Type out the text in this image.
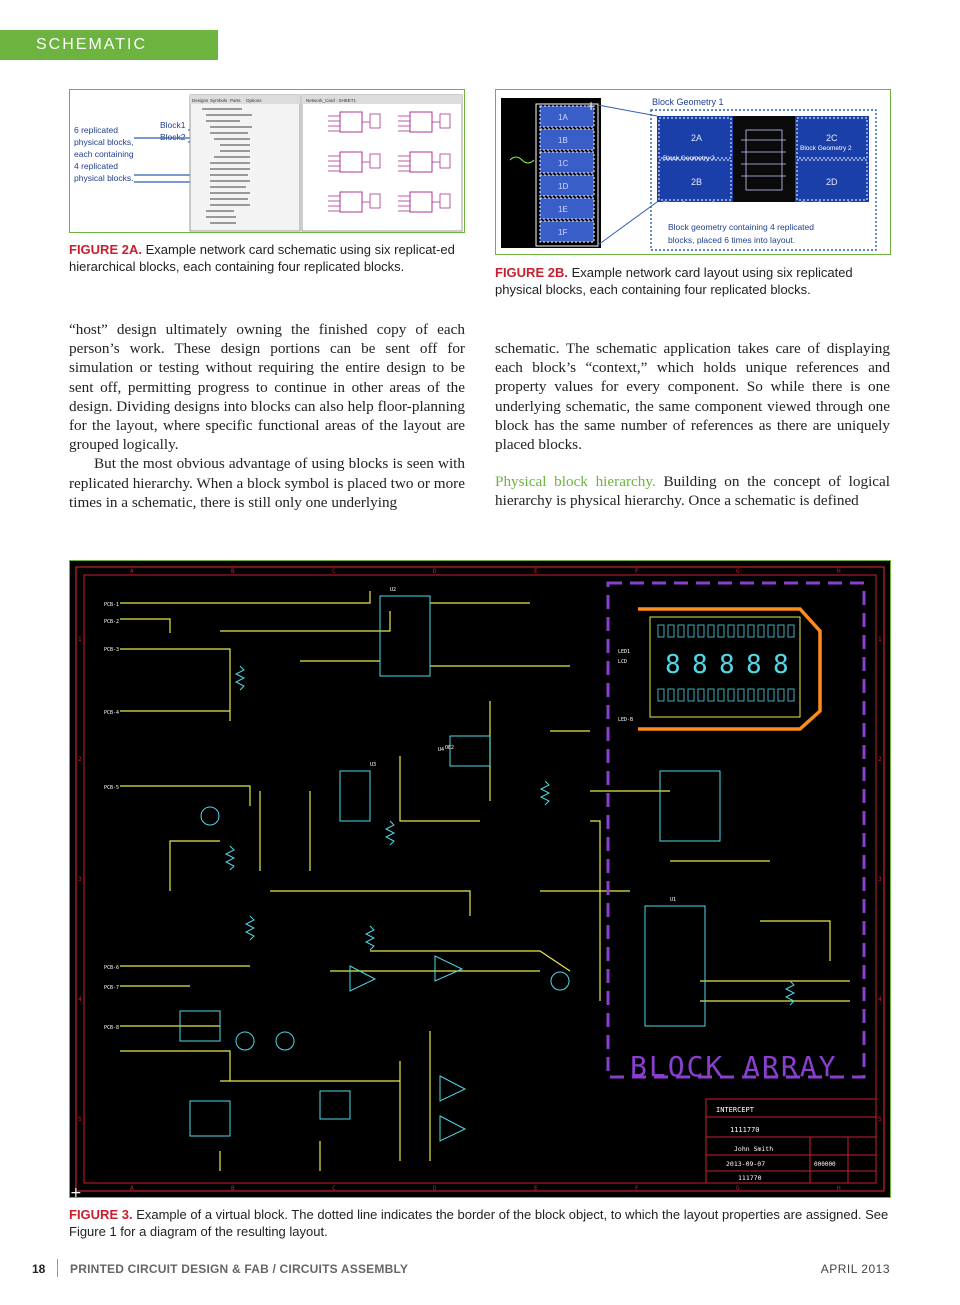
SCHEMATIC DESIGN
6 replicated
physical blocks,
each containing
4 replicated
physical blocks.
Block1
Block2
Designs Symbols Parts Options	Network_Card : SHEET1
FIGURE 2A. Example network card schematic using six replicat-ed hierarchical blocks, each containing four replicated blocks.
1A
1B
1C
1D
1E
1F
+	Block Geometry 1
2A	2C
2B	2D
Block Geometry 2
Block Geometry 2
Block Geometry 2	BlockGeometry 2
Block geometry containing 4 replicated
blocks, placed 6 times into layout.
FIGURE 2B. Example network card layout using six replicated physical blocks, each containing four replicated blocks.

“host” design ultimately owning the finished copy of each person’s work. These design portions can be sent off for simulation or testing without requiring the entire design to be sent off, permitting progress to continue in other areas of the design. Dividing designs into blocks can also help floor-planning for the layout, where specific functional areas of the layout are grouped logically.

But the most obvious advantage of using blocks is seen with replicated hierarchy. When a block symbol is placed two or more times in a schematic, there is still only one underlying

schematic. The schematic application takes care of displaying each block’s “context,” which holds unique references and property values for every component. So while there is one underlying schematic, the same component viewed through one block has the same number of references as there are uniquely placed blocks.

Physical block hierarchy. Building on the concept of logical hierarchy is physical hierarchy. Once a schematic is defined

A
A
B
B
C
C
D
D
E
E
F
F
G
G
H
H
1	1
2	2
3	3
4	4
5	5
8 8 8 8 8
BLOCK ARRAY
INTERCEPT
1111770
John Smith
2013-09-07	000000
111770
PCB-1
PCB-2
PCB-3
PCB-4
PCB-5
PCB-6
PCB-7
PCB-8
LED1
LCD
U1
U2
U3
U4 OE2
LED-B
+
FIGURE 3. Example of a virtual block. The dotted line indicates the border of the block object, to which the layout properties are assigned. See Figure 1 for a diagram of the resulting layout.
18 PRINTED CIRCUIT DESIGN & FAB / CIRCUITS ASSEMBLY	APRIL 2013
